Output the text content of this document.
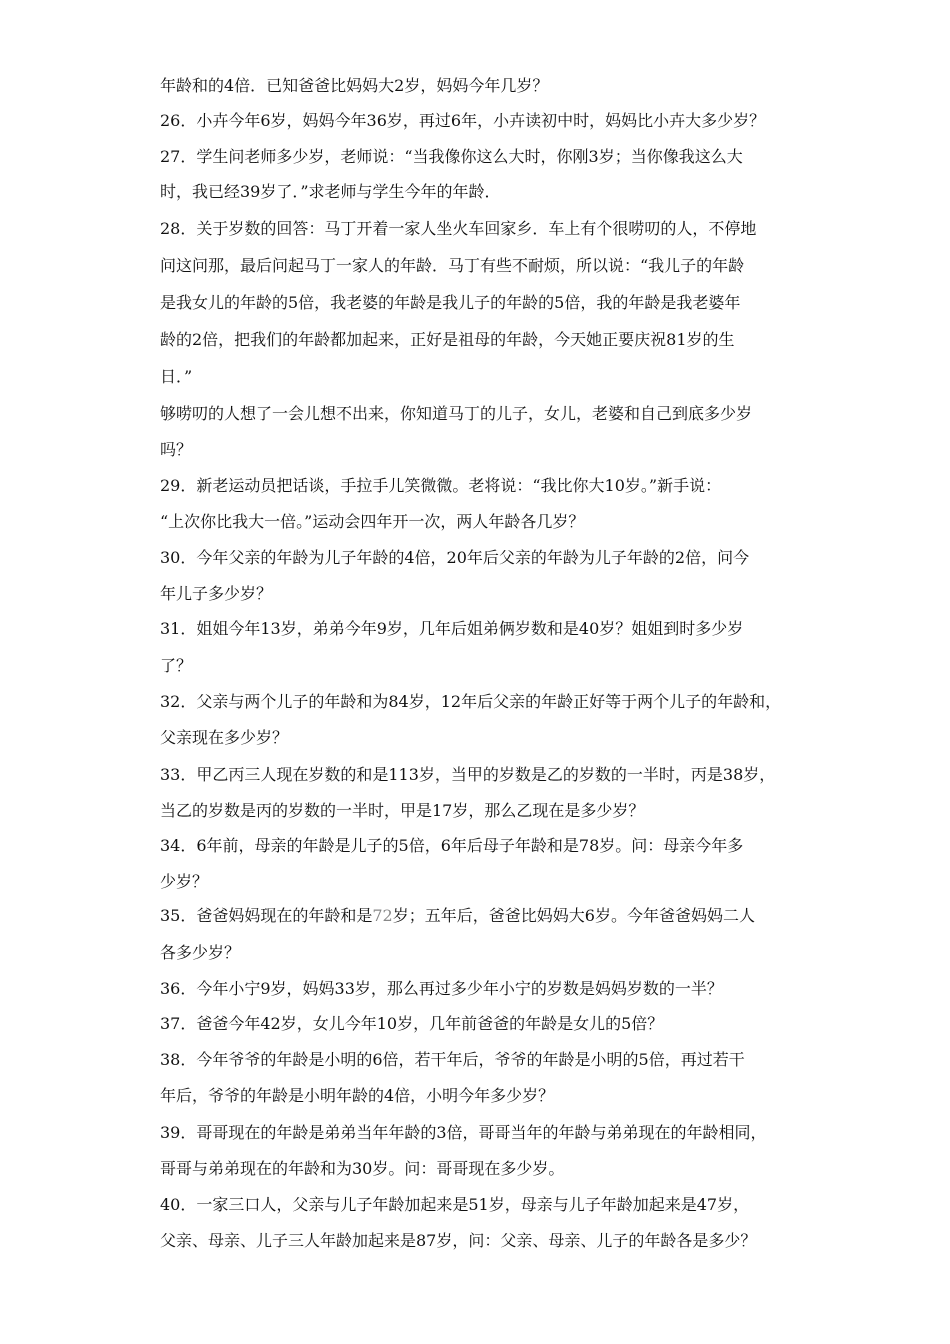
年龄和的4倍．已知爸爸比妈妈大2岁，妈妈今年几岁？
26．小卉今年6岁，妈妈今年36岁，再过6年，小卉读初中时，妈妈比小卉大多少岁？
27．学生问老师多少岁，老师说：“当我像你这么大时，你刚3岁；当你像我这么大
时，我已经39岁了．”求老师与学生今年的年龄．
28．关于岁数的回答：马丁开着一家人坐火车回家乡．车上有个很唠叨的人，不停地
问这问那，最后问起马丁一家人的年龄．马丁有些不耐烦，所以说：“我儿子的年龄
是我女儿的年龄的5倍，我老婆的年龄是我儿子的年龄的5倍，我的年龄是我老婆年
龄的2倍，把我们的年龄都加起来，正好是祖母的年龄，今天她正要庆祝81岁的生
日．”
够唠叨的人想了一会儿想不出来，你知道马丁的儿子，女儿，老婆和自己到底多少岁
吗？
29．新老运动员把话谈，手拉手儿笑微微。老将说：“我比你大10岁。”新手说：
“上次你比我大一倍。”运动会四年开一次，两人年龄各几岁？
30．今年父亲的年龄为儿子年龄的4倍，20年后父亲的年龄为儿子年龄的2倍，问今
年儿子多少岁？
31．姐姐今年13岁，弟弟今年9岁，几年后姐弟俩岁数和是40岁？姐姐到时多少岁
了？
32．父亲与两个儿子的年龄和为84岁，12年后父亲的年龄正好等于两个儿子的年龄和，
父亲现在多少岁？
33．甲乙丙三人现在岁数的和是113岁，当甲的岁数是乙的岁数的一半时，丙是38岁，
当乙的岁数是丙的岁数的一半时，甲是17岁，那么乙现在是多少岁？
34．6年前，母亲的年龄是儿子的5倍，6年后母子年龄和是78岁。问：母亲今年多
少岁？
35．爸爸妈妈现在的年龄和是72岁；五年后，爸爸比妈妈大6岁。今年爸爸妈妈二人
各多少岁？
36．今年小宁9岁，妈妈33岁，那么再过多少年小宁的岁数是妈妈岁数的一半？
37．爸爸今年42岁，女儿今年10岁，几年前爸爸的年龄是女儿的5倍？
38．今年爷爷的年龄是小明的6倍，若干年后，爷爷的年龄是小明的5倍，再过若干
年后，爷爷的年龄是小明年龄的4倍，小明今年多少岁？
39．哥哥现在的年龄是弟弟当年年龄的3倍，哥哥当年的年龄与弟弟现在的年龄相同，
哥哥与弟弟现在的年龄和为30岁。问：哥哥现在多少岁。
40．一家三口人，父亲与儿子年龄加起来是51岁，母亲与儿子年龄加起来是47岁，
父亲、母亲、儿子三人年龄加起来是87岁，问：父亲、母亲、儿子的年龄各是多少？
